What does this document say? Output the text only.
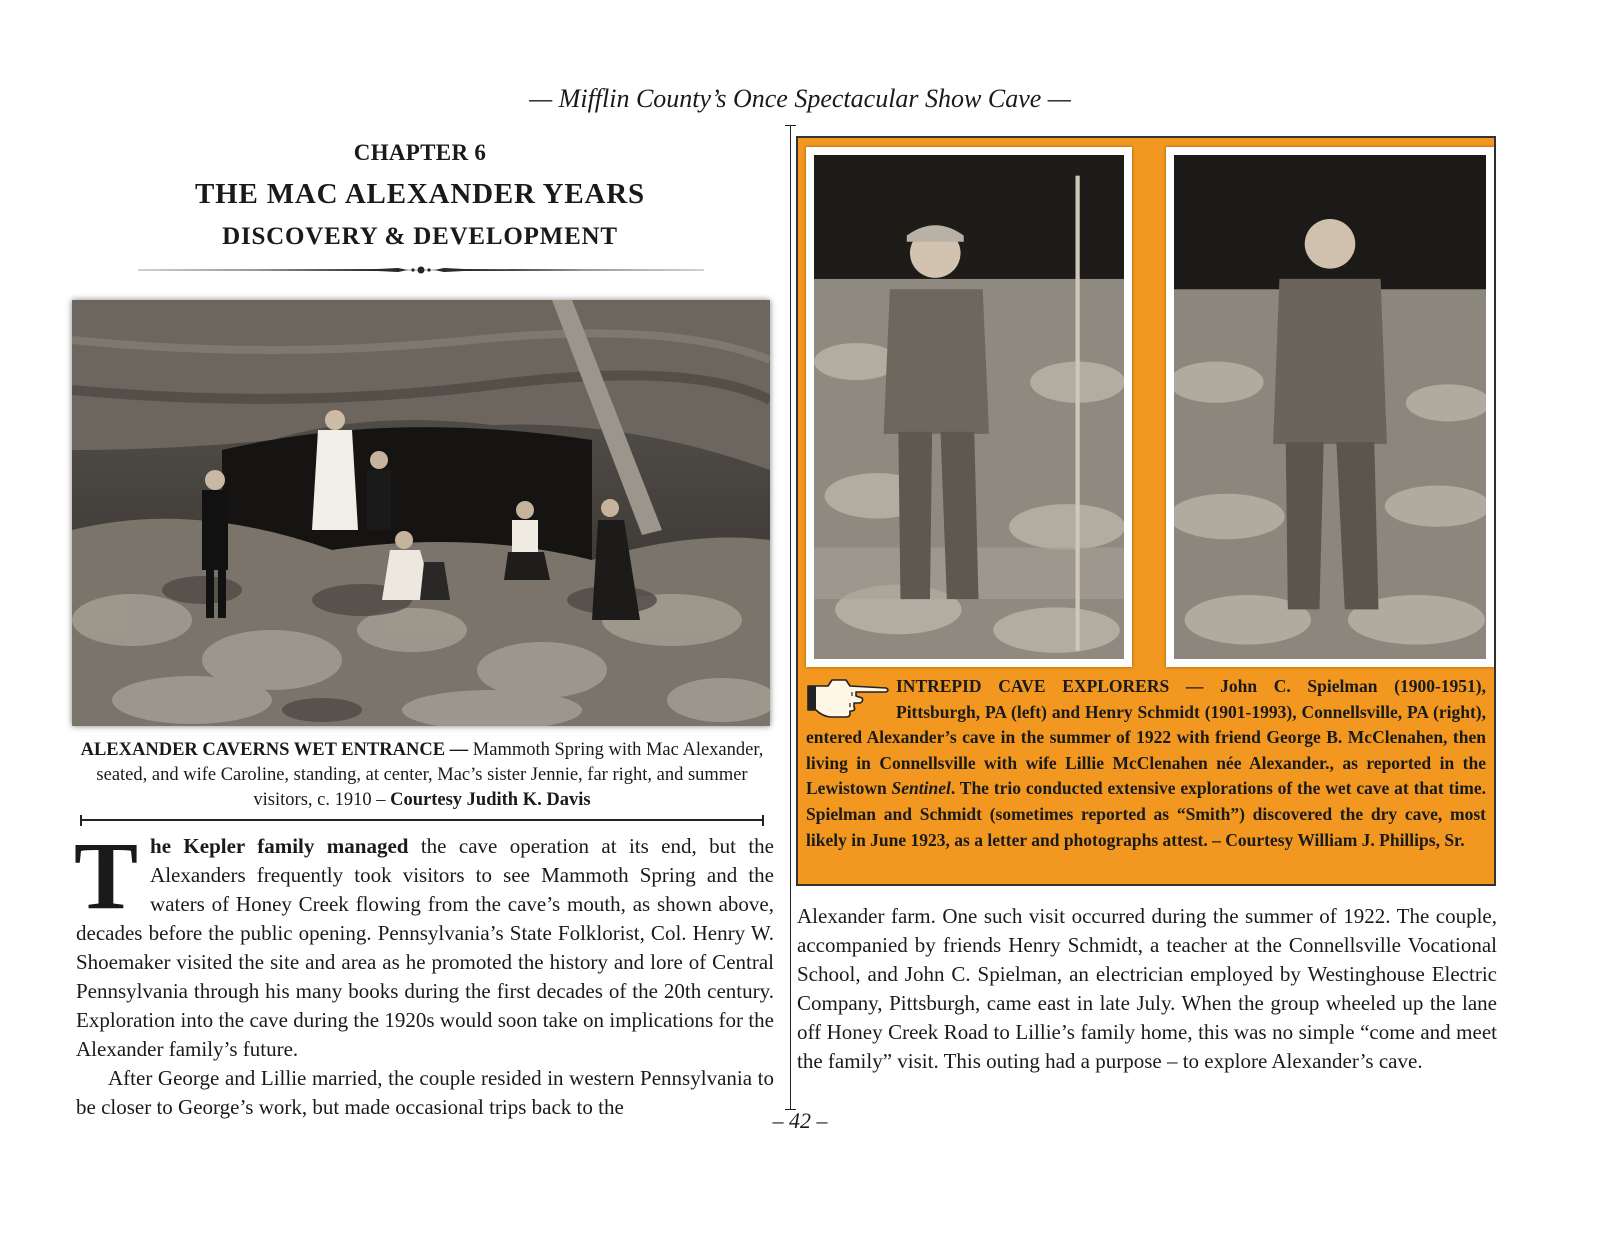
— Mifflin County’s Once Spectacular Show Cave —
CHAPTER 6
THE MAC ALEXANDER YEARS
DISCOVERY & DEVELOPMENT
ALEXANDER CAVERNS WET ENTRANCE — Mammoth Spring with Mac Alexander, seated, and wife Caroline, standing, at center, Mac’s sister Jennie, far right, and summer visitors, c. 1910 – Courtesy Judith K. Davis

The Kepler family managed the cave operation at its end, but the Alexanders frequently took visitors to see Mammoth Spring and the waters of Honey Creek flowing from the cave’s mouth, as shown above, decades before the public opening. Pennsylvania’s State Folklorist, Col. Henry W. Shoemaker visited the site and area as he promoted the history and lore of Central Pennsylvania through his many books during the first decades of the 20th century. Exploration into the cave during the 1920s would soon take on implications for the Alexander family’s future.

After George and Lillie married, the couple resided in western Pennsylvania to be closer to George’s work, but made occasional trips back to the

INTREPID CAVE EXPLORERS — John C. Spielman (1900-1951), Pittsburgh, PA (left) and Henry Schmidt (1901-1993), Connellsville, PA (right), entered Alexander’s cave in the summer of 1922 with friend George B. McClenahen, then living in Connellsville with wife Lillie McClenahen née Alexander., as reported in the Lewistown Sentinel. The trio conducted extensive explorations of the wet cave at that time. Spielman and Schmidt (sometimes reported as “Smith”) discovered the dry cave, most likely in June 1923, as a letter and photographs attest. – Courtesy William J. Phillips, Sr.

Alexander farm. One such visit occurred during the summer of 1922. The couple, accompanied by friends Henry Schmidt, a teacher at the Connellsville Vocational School, and John C. Spielman, an electrician employed by Westinghouse Electric Company, Pittsburgh, came east in late July. When the group wheeled up the lane off Honey Creek Road to Lillie’s family home, this was no simple “come and meet the family” visit. This outing had a purpose – to explore Alexander’s cave.

– 42 –
